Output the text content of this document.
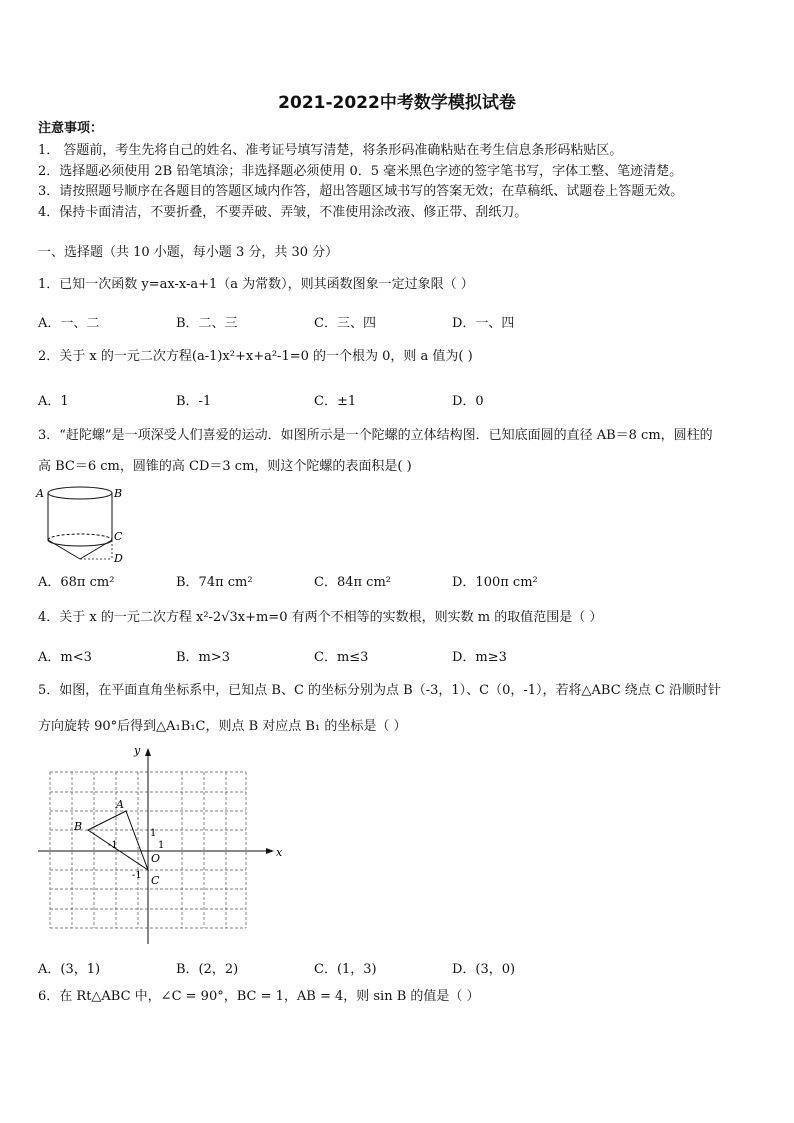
2021-2022中考数学模拟试卷
注意事项：
1． 答题前，考生先将自己的姓名、准考证号填写清楚，将条形码准确粘贴在考生信息条形码粘贴区。
2．选择题必须使用 2B 铅笔填涂；非选择题必须使用 0．5 毫米黑色字迹的签字笔书写，字体工整、笔迹清楚。
3．请按照题号顺序在各题目的答题区域内作答，超出答题区域书写的答案无效；在草稿纸、试题卷上答题无效。
4．保持卡面清洁，不要折叠，不要弄破、弄皱，不准使用涂改液、修正带、刮纸刀。
一、选择题（共 10 小题，每小题 3 分，共 30 分）
1．已知一次函数 y=ax-x-a+1（a 为常数），则其函数图象一定过象限（ ）
A．一、二	B．二、三	C．三、四	D．一、四
2．关于 x 的一元二次方程(a-1)x²+x+a²-1=0 的一个根为 0，则 a 值为( )
A．1	B．-1	C．±1	D．0
3．“赶陀螺”是一项深受人们喜爱的运动．如图所示是一个陀螺的立体结构图．已知底面圆的直径 AB＝8 cm，圆柱的
高 BC＝6 cm，圆锥的高 CD＝3 cm，则这个陀螺的表面积是( )
A	B
C
D
A．68π cm²	B．74π cm²	C．84π cm²	D．100π cm²
4．关于 x 的一元二次方程 x²-2√3x+m=0 有两个不相等的实数根，则实数 m 的取值范围是（ ）
A．m<3	B．m>3	C．m≤3	D．m≥3
5．如图，在平面直角坐标系中，已知点 B、C 的坐标分别为点 B（-3，1）、C（0，-1），若将△ABC 绕点 C 沿顺时针
方向旋转 90°后得到△A₁B₁C，则点 B 对应点 B₁ 的坐标是（ ）
x
y
A
B
C
O
1
1
-1
-1
A．(3，1)	B．(2，2)	C．(1，3)	D．(3，0)
6．在 Rt△ABC 中，∠C = 90°，BC = 1，AB = 4，则 sin B 的值是（ ）
